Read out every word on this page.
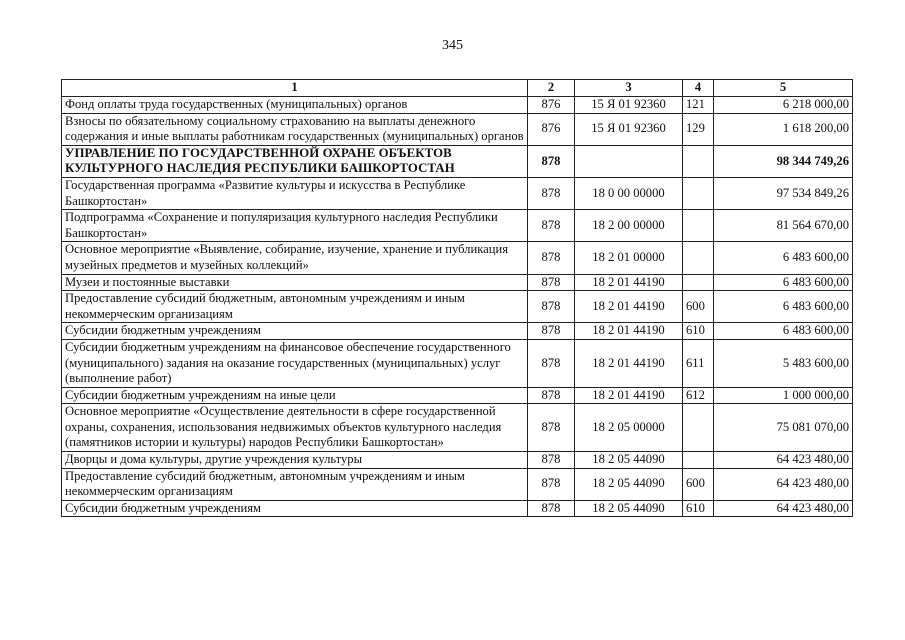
345
1	2	3	4	5
Фонд оплаты труда государственных (муниципальных) органов	876	15 Я 01 92360	121	6 218 000,00
Взносы по обязательному социальному страхованию на выплаты денежного содержания и иные выплаты работникам государственных (муниципальных) органов	876	15 Я 01 92360	129	1 618 200,00
УПРАВЛЕНИЕ ПО ГОСУДАРСТВЕННОЙ ОХРАНЕ ОБЪЕКТОВ КУЛЬТУРНОГО НАСЛЕДИЯ РЕСПУБЛИКИ БАШКОРТОСТАН	878			98 344 749,26
Государственная программа «Развитие культуры и искусства в Республике Башкортостан»	878	18 0 00 00000		97 534 849,26
Подпрограмма «Сохранение и популяризация культурного наследия Республики Башкортостан»	878	18 2 00 00000		81 564 670,00
Основное мероприятие «Выявление, собирание, изучение, хранение и публикация музейных предметов и музейных коллекций»	878	18 2 01 00000		6 483 600,00
Музеи и постоянные выставки	878	18 2 01 44190		6 483 600,00
Предоставление субсидий бюджетным, автономным учреждениям и иным некоммерческим организациям	878	18 2 01 44190	600	6 483 600,00
Субсидии бюджетным учреждениям	878	18 2 01 44190	610	6 483 600,00
Субсидии бюджетным учреждениям на финансовое обеспечение государственного (муниципального) задания на оказание государственных (муниципальных) услуг (выполнение работ)	878	18 2 01 44190	611	5 483 600,00
Субсидии бюджетным учреждениям на иные цели	878	18 2 01 44190	612	1 000 000,00
Основное мероприятие «Осуществление деятельности в сфере государственной охраны, сохранения, использования недвижимых объектов культурного наследия (памятников истории и культуры) народов Республики Башкортостан»	878	18 2 05 00000		75 081 070,00
Дворцы и дома культуры, другие учреждения культуры	878	18 2 05 44090		64 423 480,00
Предоставление субсидий бюджетным, автономным учреждениям и иным некоммерческим организациям	878	18 2 05 44090	600	64 423 480,00
Субсидии бюджетным учреждениям	878	18 2 05 44090	610	64 423 480,00
